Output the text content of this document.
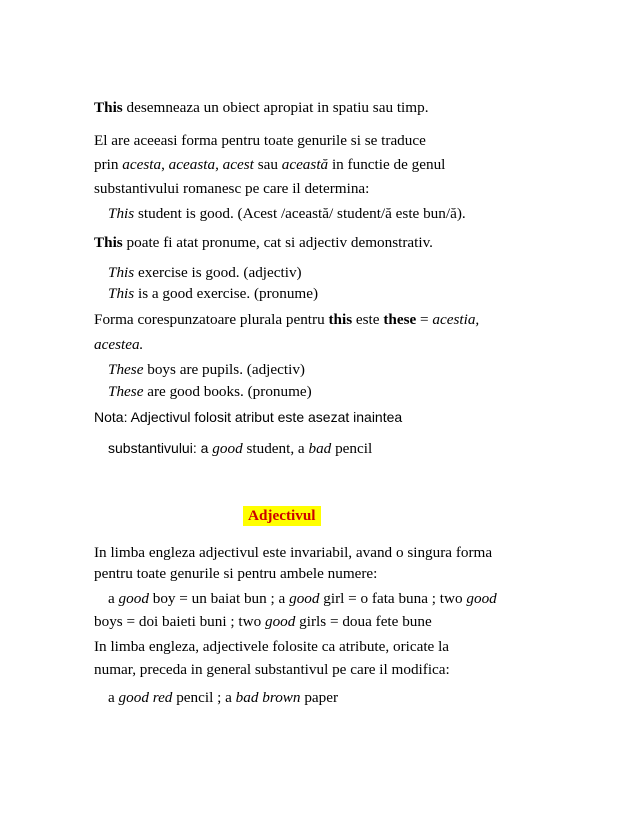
This desemneaza un obiect apropiat in spatiu sau timp.
El are aceeasi forma pentru toate genurile si se traduce
prin acesta, aceasta, acest sau această in functie de genul
substantivului romanesc pe care il determina:
This student is good. (Acest /această/ student/ă este bun/ă).
This poate fi atat pronume, cat si adjectiv demonstrativ.
This exercise is good. (adjectiv)
This is a good exercise. (pronume)
Forma corespunzatoare plurala pentru this este these = acestia,
acestea.
These boys are pupils. (adjectiv)
These are good books. (pronume)
Nota: Adjectivul folosit atribut este asezat inaintea
substantivului: a good student, a bad pencil
Adjectivul
In limba engleza adjectivul este invariabil, avand o singura forma
pentru toate genurile si pentru ambele numere:
a good boy = un baiat bun ; a good girl = o fata buna ; two good
boys = doi baieti buni ; two good girls = doua fete bune
In limba engleza, adjectivele folosite ca atribute, oricate la
numar, preceda in general substantivul pe care il modifica:
a good red pencil ; a bad brown paper
